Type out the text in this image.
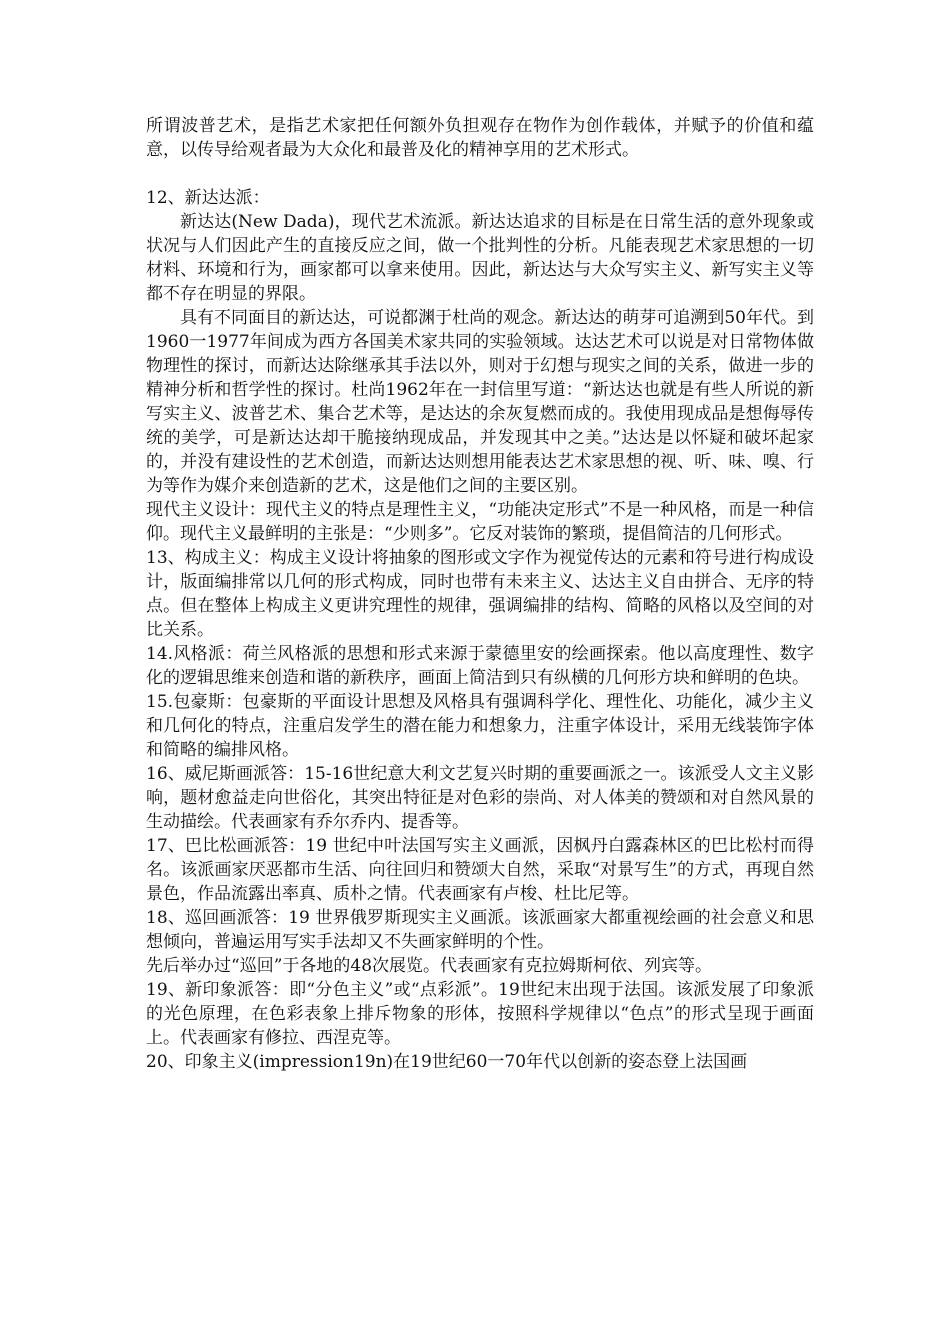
所谓波普艺术，是指艺术家把任何额外负担观存在物作为创作载体，并赋予的价值和蕴意，以传导给观者最为大众化和最普及化的精神享用的艺术形式。

12、新达达派：

新达达(New Dada)，现代艺术流派。新达达追求的目标是在日常生活的意外现象或状况与人们因此产生的直接反应之间，做一个批判性的分析。凡能表现艺术家思想的一切材料、环境和行为，画家都可以拿来使用。因此，新达达与大众写实主义、新写实主义等都不存在明显的界限。

具有不同面目的新达达，可说都渊于杜尚的观念。新达达的萌芽可追溯到50年代。到1960一1977年间成为西方各国美术家共同的实验领域。达达艺术可以说是对日常物体做物理性的探讨，而新达达除继承其手法以外，则对于幻想与现实之间的关系，做进一步的精神分析和哲学性的探讨。杜尚1962年在一封信里写道：“新达达也就是有些人所说的新写实主义、波普艺术、集合艺术等，是达达的余灰复燃而成的。我使用现成品是想侮辱传统的美学，可是新达达却干脆接纳现成品，并发现其中之美。”达达是以怀疑和破坏起家的，并没有建设性的艺术创造，而新达达则想用能表达艺术家思想的视、听、味、嗅、行为等作为媒介来创造新的艺术，这是他们之间的主要区别。

现代主义设计：现代主义的特点是理性主义，“功能决定形式”不是一种风格，而是一种信仰。现代主义最鲜明的主张是：“少则多”。它反对装饰的繁琐，提倡简洁的几何形式。

13、构成主义：构成主义设计将抽象的图形或文字作为视觉传达的元素和符号进行构成设计，版面编排常以几何的形式构成，同时也带有未来主义、达达主义自由拼合、无序的特点。但在整体上构成主义更讲究理性的规律，强调编排的结构、简略的风格以及空间的对比关系。

14.风格派：荷兰风格派的思想和形式来源于蒙德里安的绘画探索。他以高度理性、数字化的逻辑思维来创造和谐的新秩序，画面上简洁到只有纵横的几何形方块和鲜明的色块。

15.包豪斯：包豪斯的平面设计思想及风格具有强调科学化、理性化、功能化，减少主义和几何化的特点，注重启发学生的潜在能力和想象力，注重字体设计，采用无线装饰字体和简略的编排风格。

16、威尼斯画派答：15-16世纪意大利文艺复兴时期的重要画派之一。该派受人文主义影响，题材愈益走向世俗化，其突出特征是对色彩的崇尚、对人体美的赞颂和对自然风景的生动描绘。代表画家有乔尔乔内、提香等。

17、巴比松画派答：19 世纪中叶法国写实主义画派，因枫丹白露森林区的巴比松村而得名。该派画家厌恶都市生活、向往回归和赞颂大自然，采取“对景写生”的方式，再现自然景色，作品流露出率真、质朴之情。代表画家有卢梭、杜比尼等。

18、巡回画派答：19 世界俄罗斯现实主义画派。该派画家大都重视绘画的社会意义和思想倾向，普遍运用写实手法却又不失画家鲜明的个性。

先后举办过“巡回”于各地的48次展览。代表画家有克拉姆斯柯依、列宾等。

19、新印象派答：即“分色主义”或“点彩派”。19世纪末出现于法国。该派发展了印象派的光色原理，在色彩表象上排斥物象的形体，按照科学规律以“色点”的形式呈现于画面上。代表画家有修拉、西涅克等。

20、印象主义(impression19n)在19世纪60一70年代以创新的姿态登上法国画
